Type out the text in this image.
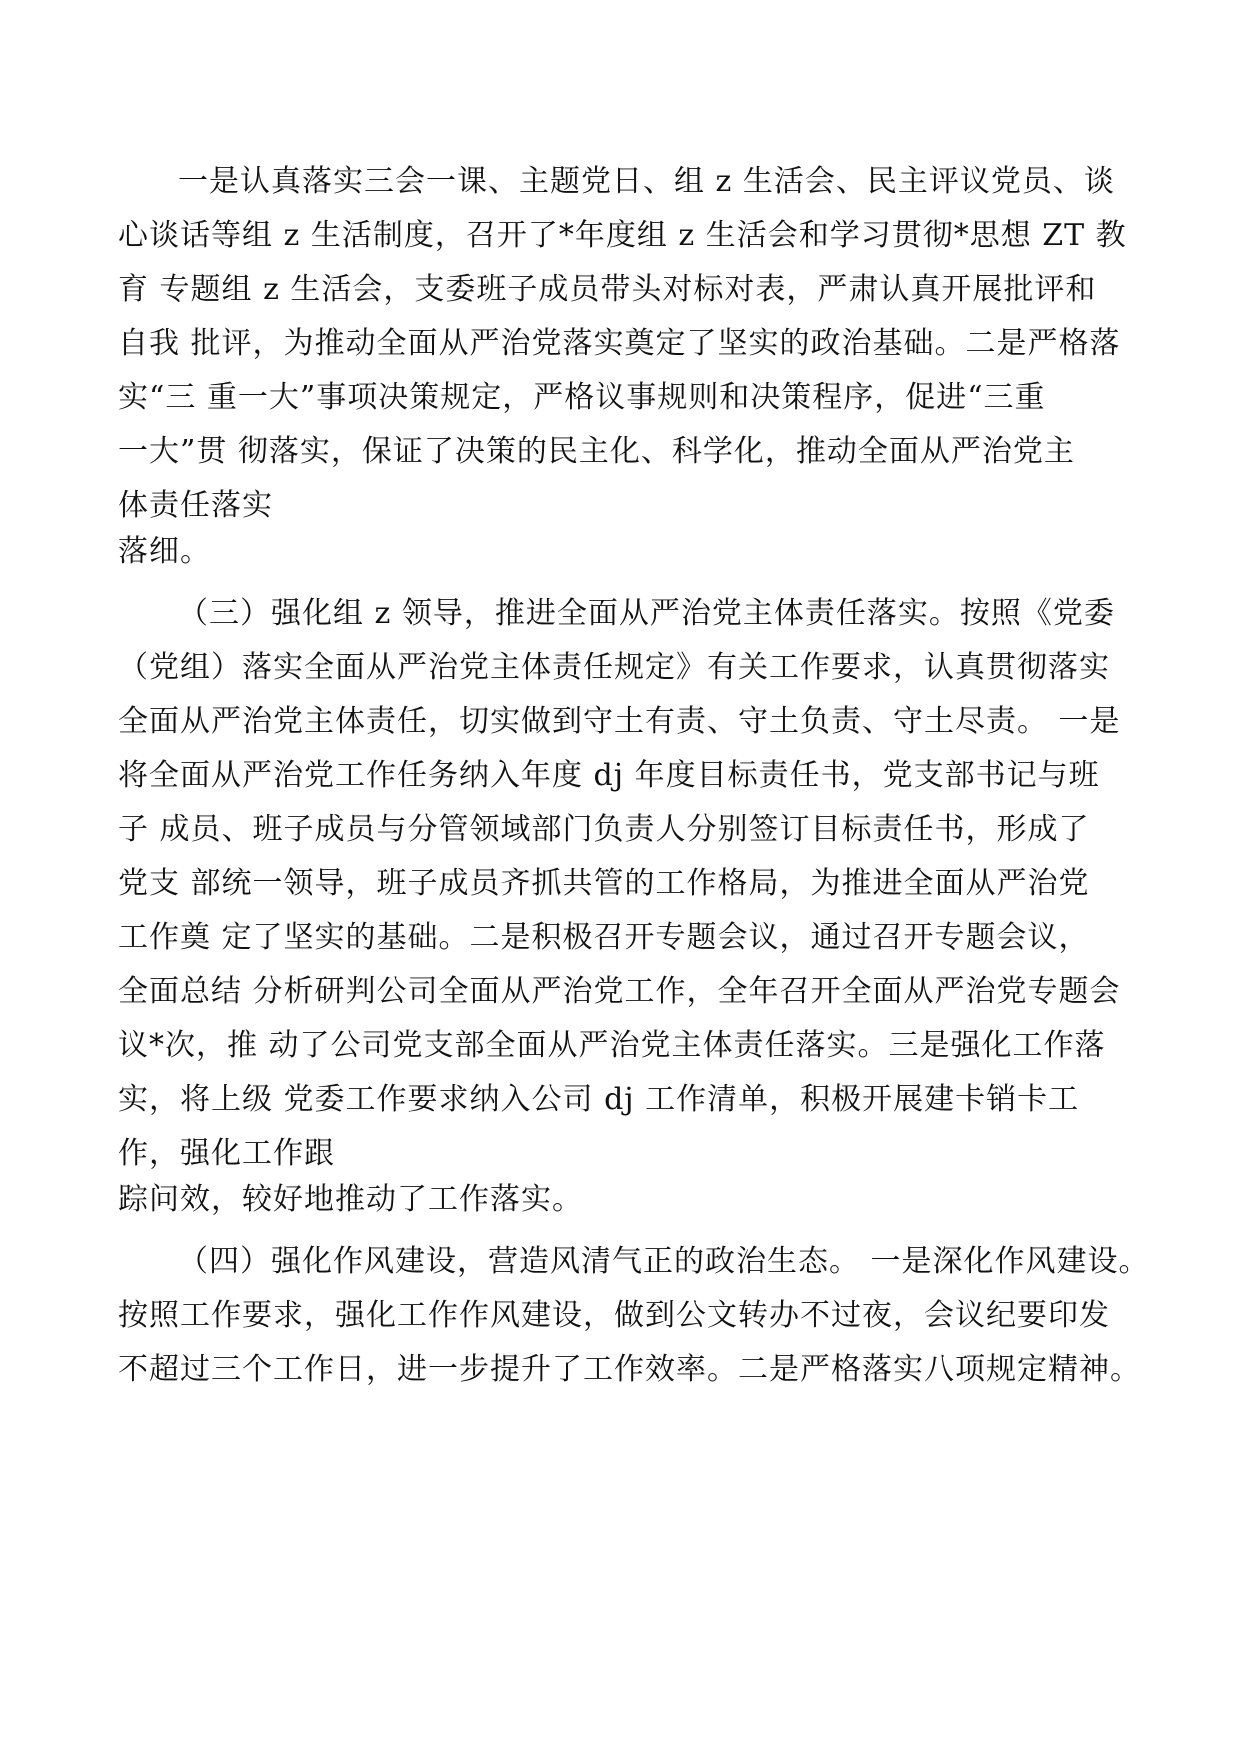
一是认真落实三会一课、主题党日、组 z 生活会、民主评议党员、谈
心谈话等组 z 生活制度，召开了*年度组 z 生活会和学习贯彻*思想 ZT 教
育 专题组 z 生活会，支委班子成员带头对标对表，严肃认真开展批评和
自我 批评，为推动全面从严治党落实奠定了坚实的政治基础。二是严格落
实“三 重一大”事项决策规定，严格议事规则和决策程序，促进“三重
一大”贯 彻落实，保证了决策的民主化、科学化，推动全面从严治党主
体责任落实
落细。
（三）强化组 z 领导，推进全面从严治党主体责任落实。按照《党委
（党组）落实全面从严治党主体责任规定》有关工作要求，认真贯彻落实
全面从严治党主体责任，切实做到守土有责、守土负责、守土尽责。 一是
将全面从严治党工作任务纳入年度 dj 年度目标责任书，党支部书记与班
子 成员、班子成员与分管领域部门负责人分别签订目标责任书，形成了
党支 部统一领导，班子成员齐抓共管的工作格局，为推进全面从严治党
工作奠 定了坚实的基础。二是积极召开专题会议，通过召开专题会议，
全面总结 分析研判公司全面从严治党工作，全年召开全面从严治党专题会
议*次，推 动了公司党支部全面从严治党主体责任落实。三是强化工作落
实，将上级 党委工作要求纳入公司 dj 工作清单，积极开展建卡销卡工
作，强化工作跟
踪问效，较好地推动了工作落实。
（四）强化作风建设，营造风清气正的政治生态。 一是深化作风建设。
按照工作要求，强化工作作风建设，做到公文转办不过夜，会议纪要印发
不超过三个工作日，进一步提升了工作效率。二是严格落实八项规定精神。
